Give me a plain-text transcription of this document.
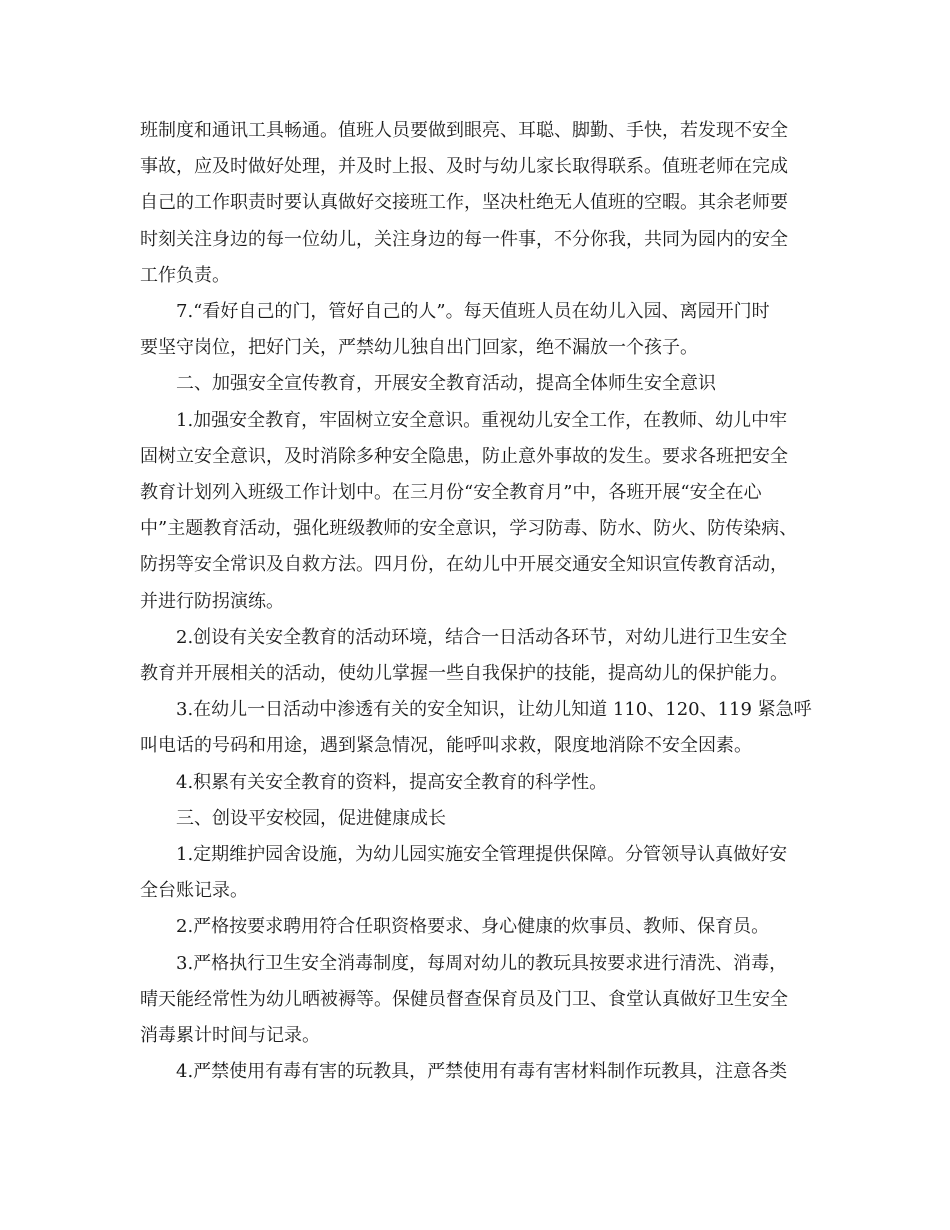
班制度和通讯工具畅通。值班人员要做到眼亮、耳聪、脚勤、手快，若发现不安全
事故，应及时做好处理，并及时上报、及时与幼儿家长取得联系。值班老师在完成
自己的工作职责时要认真做好交接班工作，坚决杜绝无人值班的空暇。其余老师要
时刻关注身边的每一位幼儿，关注身边的每一件事，不分你我，共同为园内的安全
工作负责。

7.“看好自己的门，管好自己的人”。每天值班人员在幼儿入园、离园开门时
要坚守岗位，把好门关，严禁幼儿独自出门回家，绝不漏放一个孩子。

二、加强安全宣传教育，开展安全教育活动，提高全体师生安全意识

1.加强安全教育，牢固树立安全意识。重视幼儿安全工作，在教师、幼儿中牢
固树立安全意识，及时消除多种安全隐患，防止意外事故的发生。要求各班把安全
教育计划列入班级工作计划中。在三月份“安全教育月”中，各班开展“安全在心
中”主题教育活动，强化班级教师的安全意识，学习防毒、防水、防火、防传染病、
防拐等安全常识及自救方法。四月份，在幼儿中开展交通安全知识宣传教育活动，
并进行防拐演练。

2.创设有关安全教育的活动环境，结合一日活动各环节，对幼儿进行卫生安全
教育并开展相关的活动，使幼儿掌握一些自我保护的技能，提高幼儿的保护能力。

3.在幼儿一日活动中渗透有关的安全知识，让幼儿知道 110、120、119 紧急呼
叫电话的号码和用途，遇到紧急情况，能呼叫求救，限度地消除不安全因素。

4.积累有关安全教育的资料，提高安全教育的科学性。

三、创设平安校园，促进健康成长

1.定期维护园舍设施，为幼儿园实施安全管理提供保障。分管领导认真做好安
全台账记录。

2.严格按要求聘用符合任职资格要求、身心健康的炊事员、教师、保育员。

3.严格执行卫生安全消毒制度，每周对幼儿的教玩具按要求进行清洗、消毒，
晴天能经常性为幼儿晒被褥等。保健员督查保育员及门卫、食堂认真做好卫生安全
消毒累计时间与记录。

4.严禁使用有毒有害的玩教具，严禁使用有毒有害材料制作玩教具，注意各类
